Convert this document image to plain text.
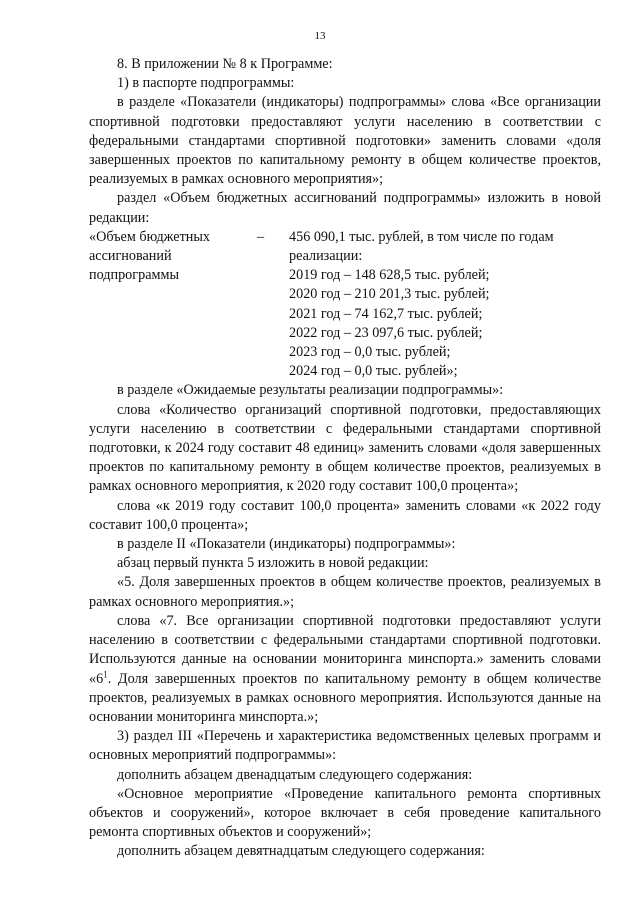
13

8. В приложении № 8 к Программе:

1) в паспорте подпрограммы:

в разделе «Показатели (индикаторы) подпрограммы» слова «Все организации спортивной подготовки предоставляют услуги населению в соответствии с федеральными стандартами спортивной подготовки» заменить словами «доля завершенных проектов по капитальному ремонту в общем количестве проектов, реализуемых в рамках основного мероприятия»;

раздел «Объем бюджетных ассигнований подпрограммы» изложить в новой редакции:

«Объем бюджетных ассигнований подпрограммы	–	456 090,1 тыс. рублей, в том числе по годам реализации:
2019 год – 148 628,5 тыс. рублей;
2020 год – 210 201,3 тыс. рублей;
2021 год – 74 162,7 тыс. рублей;
2022 год – 23 097,6 тыс. рублей;
2023 год – 0,0 тыс. рублей;
2024 год – 0,0 тыс. рублей»;

в разделе «Ожидаемые результаты реализации подпрограммы»:

слова «Количество организаций спортивной подготовки, предоставляющих услуги населению в соответствии с федеральными стандартами спортивной подготовки, к 2024 году составит 48 единиц» заменить словами «доля завершенных проектов по капитальному ремонту в общем количестве проектов, реализуемых в рамках основного мероприятия, к 2020 году составит 100,0 процента»;

слова «к 2019 году составит 100,0 процента» заменить словами «к 2022 году составит 100,0 процента»;

в разделе II «Показатели (индикаторы) подпрограммы»:

абзац первый пункта 5 изложить в новой редакции:

«5. Доля завершенных проектов в общем количестве проектов, реализуемых в рамках основного мероприятия.»;

слова «7. Все организации спортивной подготовки предоставляют услуги населению в соответствии с федеральными стандартами спортивной подготовки. Используются данные на основании мониторинга минспорта.» заменить словами «$6^1$. Доля завершенных проектов по капитальному ремонту в общем количестве проектов, реализуемых в рамках основного мероприятия. Используются данные на основании мониторинга минспорта.»;

3) раздел III «Перечень и характеристика ведомственных целевых программ и основных мероприятий подпрограммы»:

дополнить абзацем двенадцатым следующего содержания:

«Основное мероприятие «Проведение капитального ремонта спортивных объектов и сооружений», которое включает в себя проведение капитального ремонта спортивных объектов и сооружений»;

дополнить абзацем девятнадцатым следующего содержания:
